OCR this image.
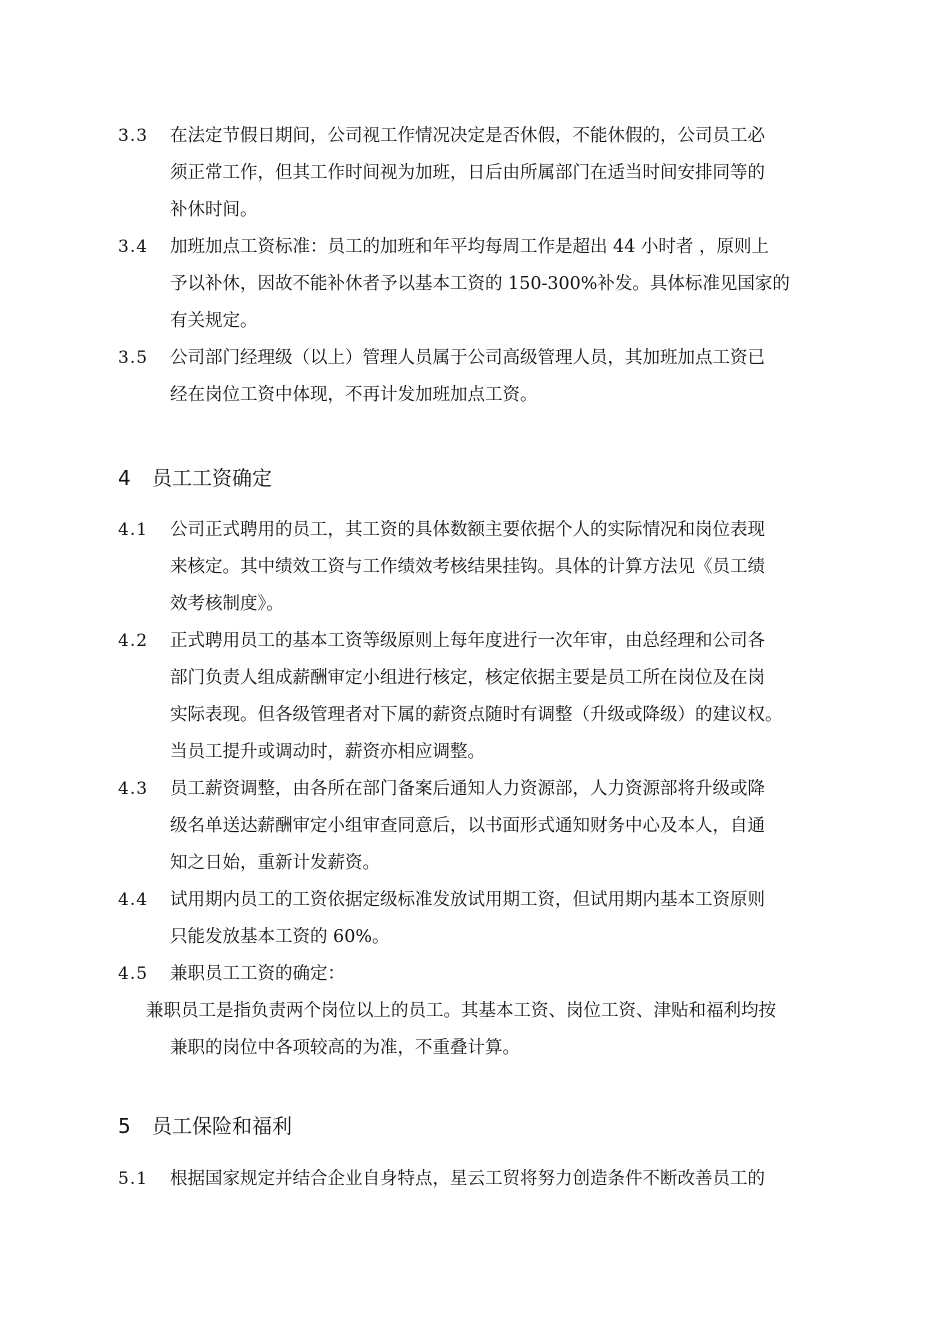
3.3 在法定节假日期间，公司视工作情况决定是否休假，不能休假的，公司员工必
须正常工作，但其工作时间视为加班，日后由所属部门在适当时间安排同等的
补休时间。
3.4 加班加点工资标准：员工的加班和年平均每周工作是超出 44 小时者 ，原则上
予以补休，因故不能补休者予以基本工资的 150-300%补发。具体标准见国家的
有关规定。
3.5 公司部门经理级（以上）管理人员属于公司高级管理人员，其加班加点工资已
经在岗位工资中体现，不再计发加班加点工资。
4 员工工资确定
4.1 公司正式聘用的员工，其工资的具体数额主要依据个人的实际情况和岗位表现
来核定。其中绩效工资与工作绩效考核结果挂钩。具体的计算方法见《员工绩
效考核制度》。
4.2 正式聘用员工的基本工资等级原则上每年度进行一次年审，由总经理和公司各
部门负责人组成薪酬审定小组进行核定，核定依据主要是员工所在岗位及在岗
实际表现。但各级管理者对下属的薪资点随时有调整（升级或降级）的建议权。
当员工提升或调动时，薪资亦相应调整。
4.3 员工薪资调整，由各所在部门备案后通知人力资源部，人力资源部将升级或降
级名单送达薪酬审定小组审查同意后，以书面形式通知财务中心及本人，自通
知之日始，重新计发薪资。
4.4 试用期内员工的工资依据定级标准发放试用期工资，但试用期内基本工资原则
只能发放基本工资的 60%。
4.5 兼职员工工资的确定：
兼职员工是指负责两个岗位以上的员工。其基本工资、岗位工资、津贴和福利均按
兼职的岗位中各项较高的为准，不重叠计算。
5 员工保险和福利
5.1 根据国家规定并结合企业自身特点，星云工贸将努力创造条件不断改善员工的
